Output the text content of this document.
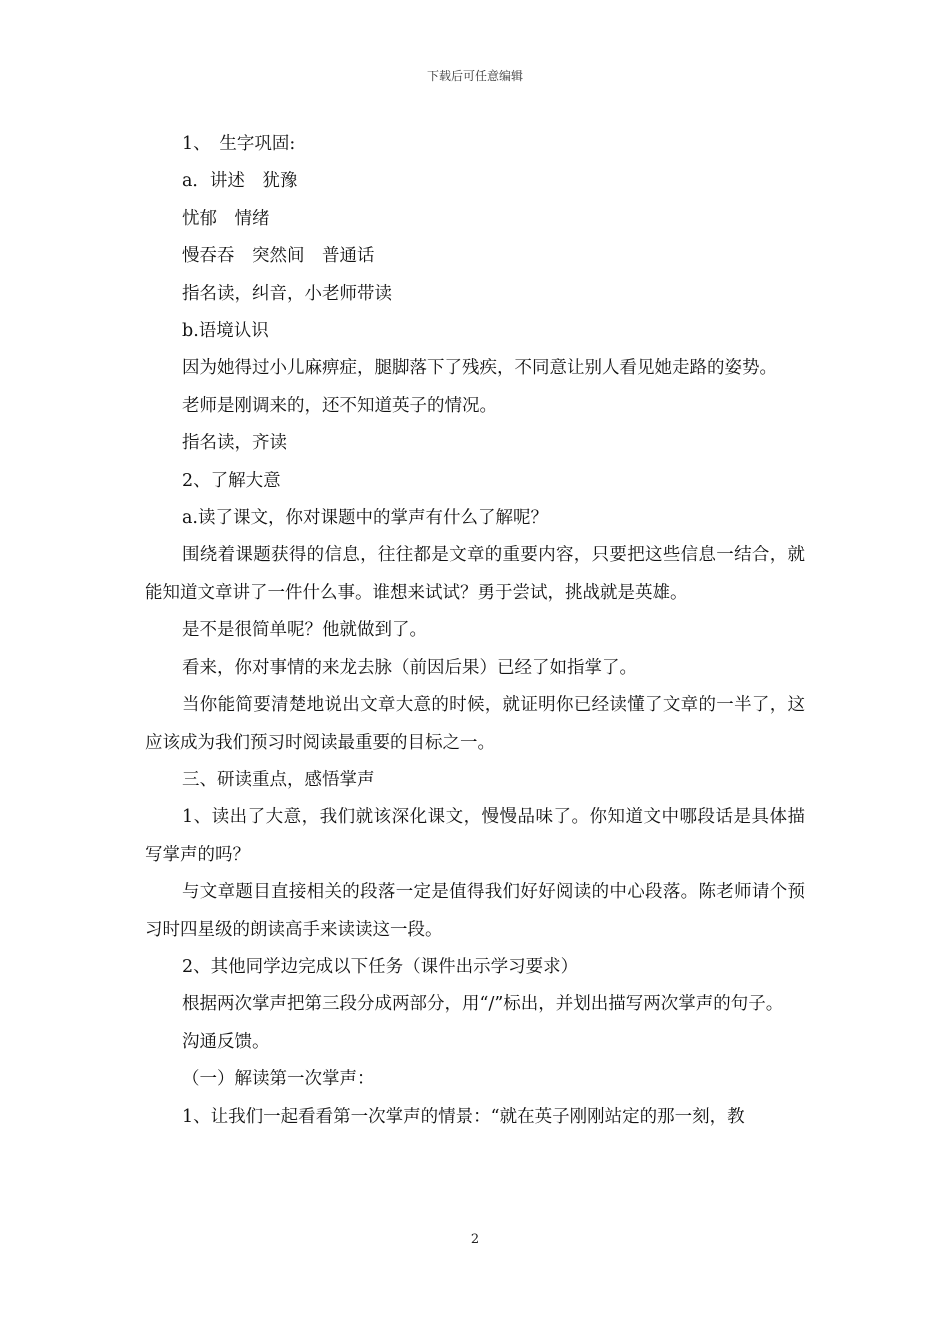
下载后可任意编辑

1、　生字巩固:

a．讲述　犹豫

忧郁　情绪

慢吞吞　突然间　普通话

指名读，纠音，小老师带读

b.语境认识

因为她得过小儿麻痹症，腿脚落下了残疾，不同意让别人看见她走路的姿势。

老师是刚调来的，还不知道英子的情况。

指名读，齐读

2、了解大意

a.读了课文，你对课题中的掌声有什么了解呢？

围绕着课题获得的信息，往往都是文章的重要内容，只要把这些信息一结合，就能知道文章讲了一件什么事。谁想来试试？勇于尝试，挑战就是英雄。

是不是很简单呢？他就做到了。

看来，你对事情的来龙去脉（前因后果）已经了如指掌了。

当你能简要清楚地说出文章大意的时候，就证明你已经读懂了文章的一半了，这应该成为我们预习时阅读最重要的目标之一。

三、研读重点，感悟掌声

1、读出了大意，我们就该深化课文，慢慢品味了。你知道文中哪段话是具体描写掌声的吗？

与文章题目直接相关的段落一定是值得我们好好阅读的中心段落。陈老师请个预习时四星级的朗读高手来读读这一段。

2、其他同学边完成以下任务（课件出示学习要求）

根据两次掌声把第三段分成两部分，用“/”标出，并划出描写两次掌声的句子。

沟通反馈。

（一）解读第一次掌声：

1、让我们一起看看第一次掌声的情景：“就在英子刚刚站定的那一刻，教

2
